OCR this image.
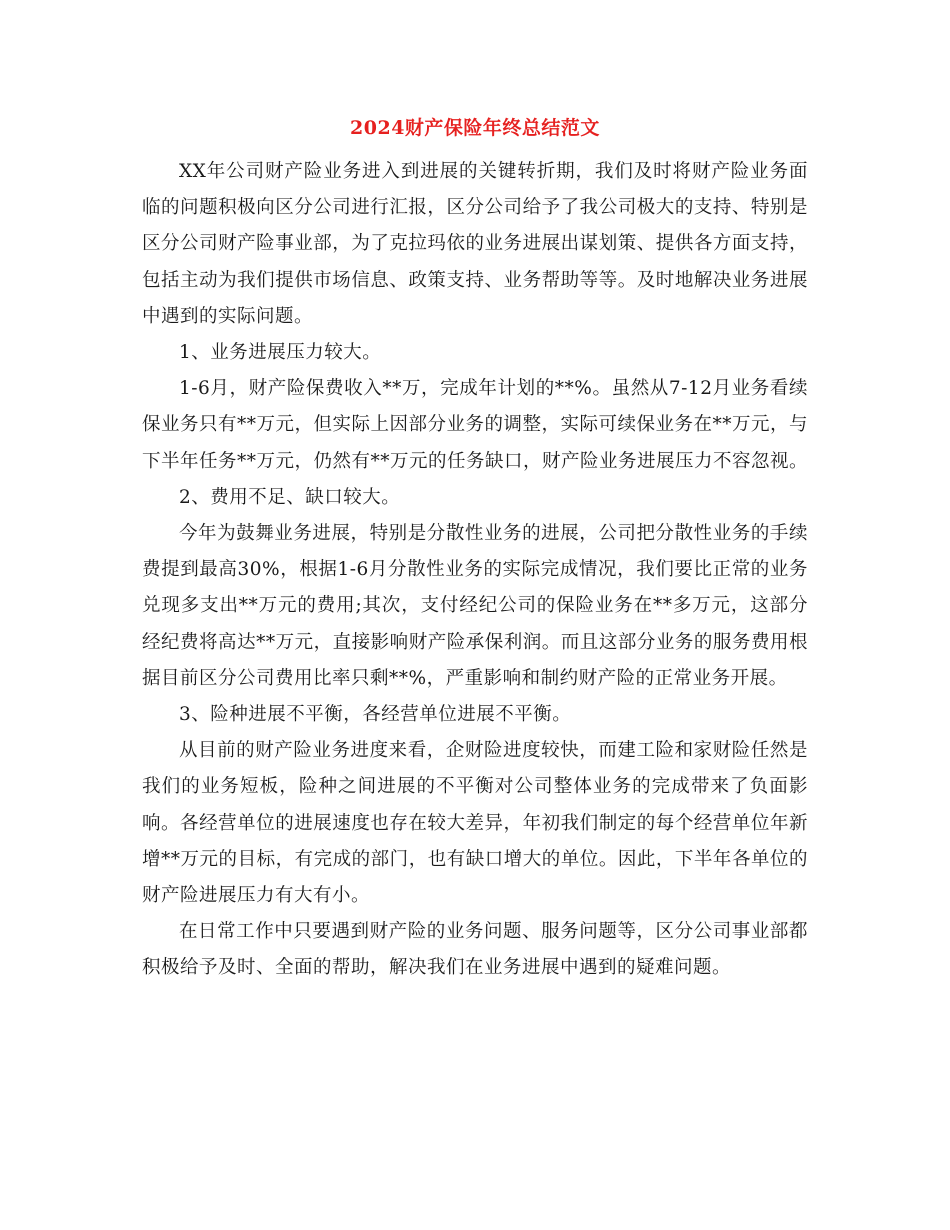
2024财产保险年终总结范文

XX年公司财产险业务进入到进展的关键转折期，我们及时将财产险业务面临的问题积极向区分公司进行汇报，区分公司给予了我公司极大的支持、特别是区分公司财产险事业部，为了克拉玛依的业务进展出谋划策、提供各方面支持，包括主动为我们提供市场信息、政策支持、业务帮助等等。及时地解决业务进展中遇到的实际问题。

1、业务进展压力较大。

1-6月，财产险保费收入**万，完成年计划的**%。虽然从7-12月业务看续保业务只有**万元，但实际上因部分业务的调整，实际可续保业务在**万元，与下半年任务**万元，仍然有**万元的任务缺口，财产险业务进展压力不容忽视。

2、费用不足、缺口较大。

今年为鼓舞业务进展，特别是分散性业务的进展，公司把分散性业务的手续费提到最高30%，根据1-6月分散性业务的实际完成情况，我们要比正常的业务兑现多支出**万元的费用;其次，支付经纪公司的保险业务在**多万元，这部分经纪费将高达**万元，直接影响财产险承保利润。而且这部分业务的服务费用根据目前区分公司费用比率只剩**%，严重影响和制约财产险的正常业务开展。

3、险种进展不平衡，各经营单位进展不平衡。

从目前的财产险业务进度来看，企财险进度较快，而建工险和家财险任然是我们的业务短板，险种之间进展的不平衡对公司整体业务的完成带来了负面影响。各经营单位的进展速度也存在较大差异，年初我们制定的每个经营单位年新增**万元的目标，有完成的部门，也有缺口增大的单位。因此，下半年各单位的财产险进展压力有大有小。

在日常工作中只要遇到财产险的业务问题、服务问题等，区分公司事业部都积极给予及时、全面的帮助，解决我们在业务进展中遇到的疑难问题。
